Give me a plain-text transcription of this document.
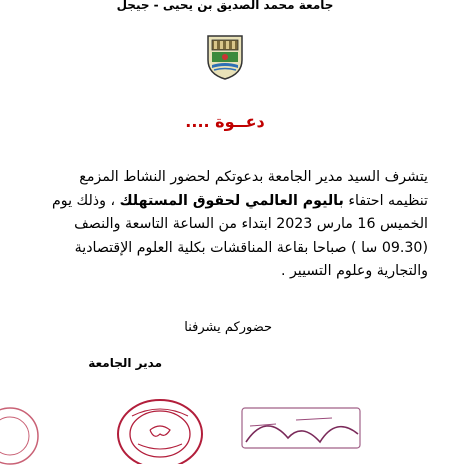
جامعة محمد الصديق بن يحيى - جيجل
دعــوة ....
يتشرف السيد مدير الجامعة بدعوتكم لحضور النشاط المزمع
تنظيمه احتفاء باليوم العالمي لحقوق المستهلك ، وذلك يوم
الخميس 16 مارس 2023 ابتداء من الساعة التاسعة والنصف
(09.30 سا ) صباحا بقاعة المناقشات بكلية العلوم الإقتصادية
والتجارية وعلوم التسيير .
حضوركم يشرفنا
مدير الجامعة
